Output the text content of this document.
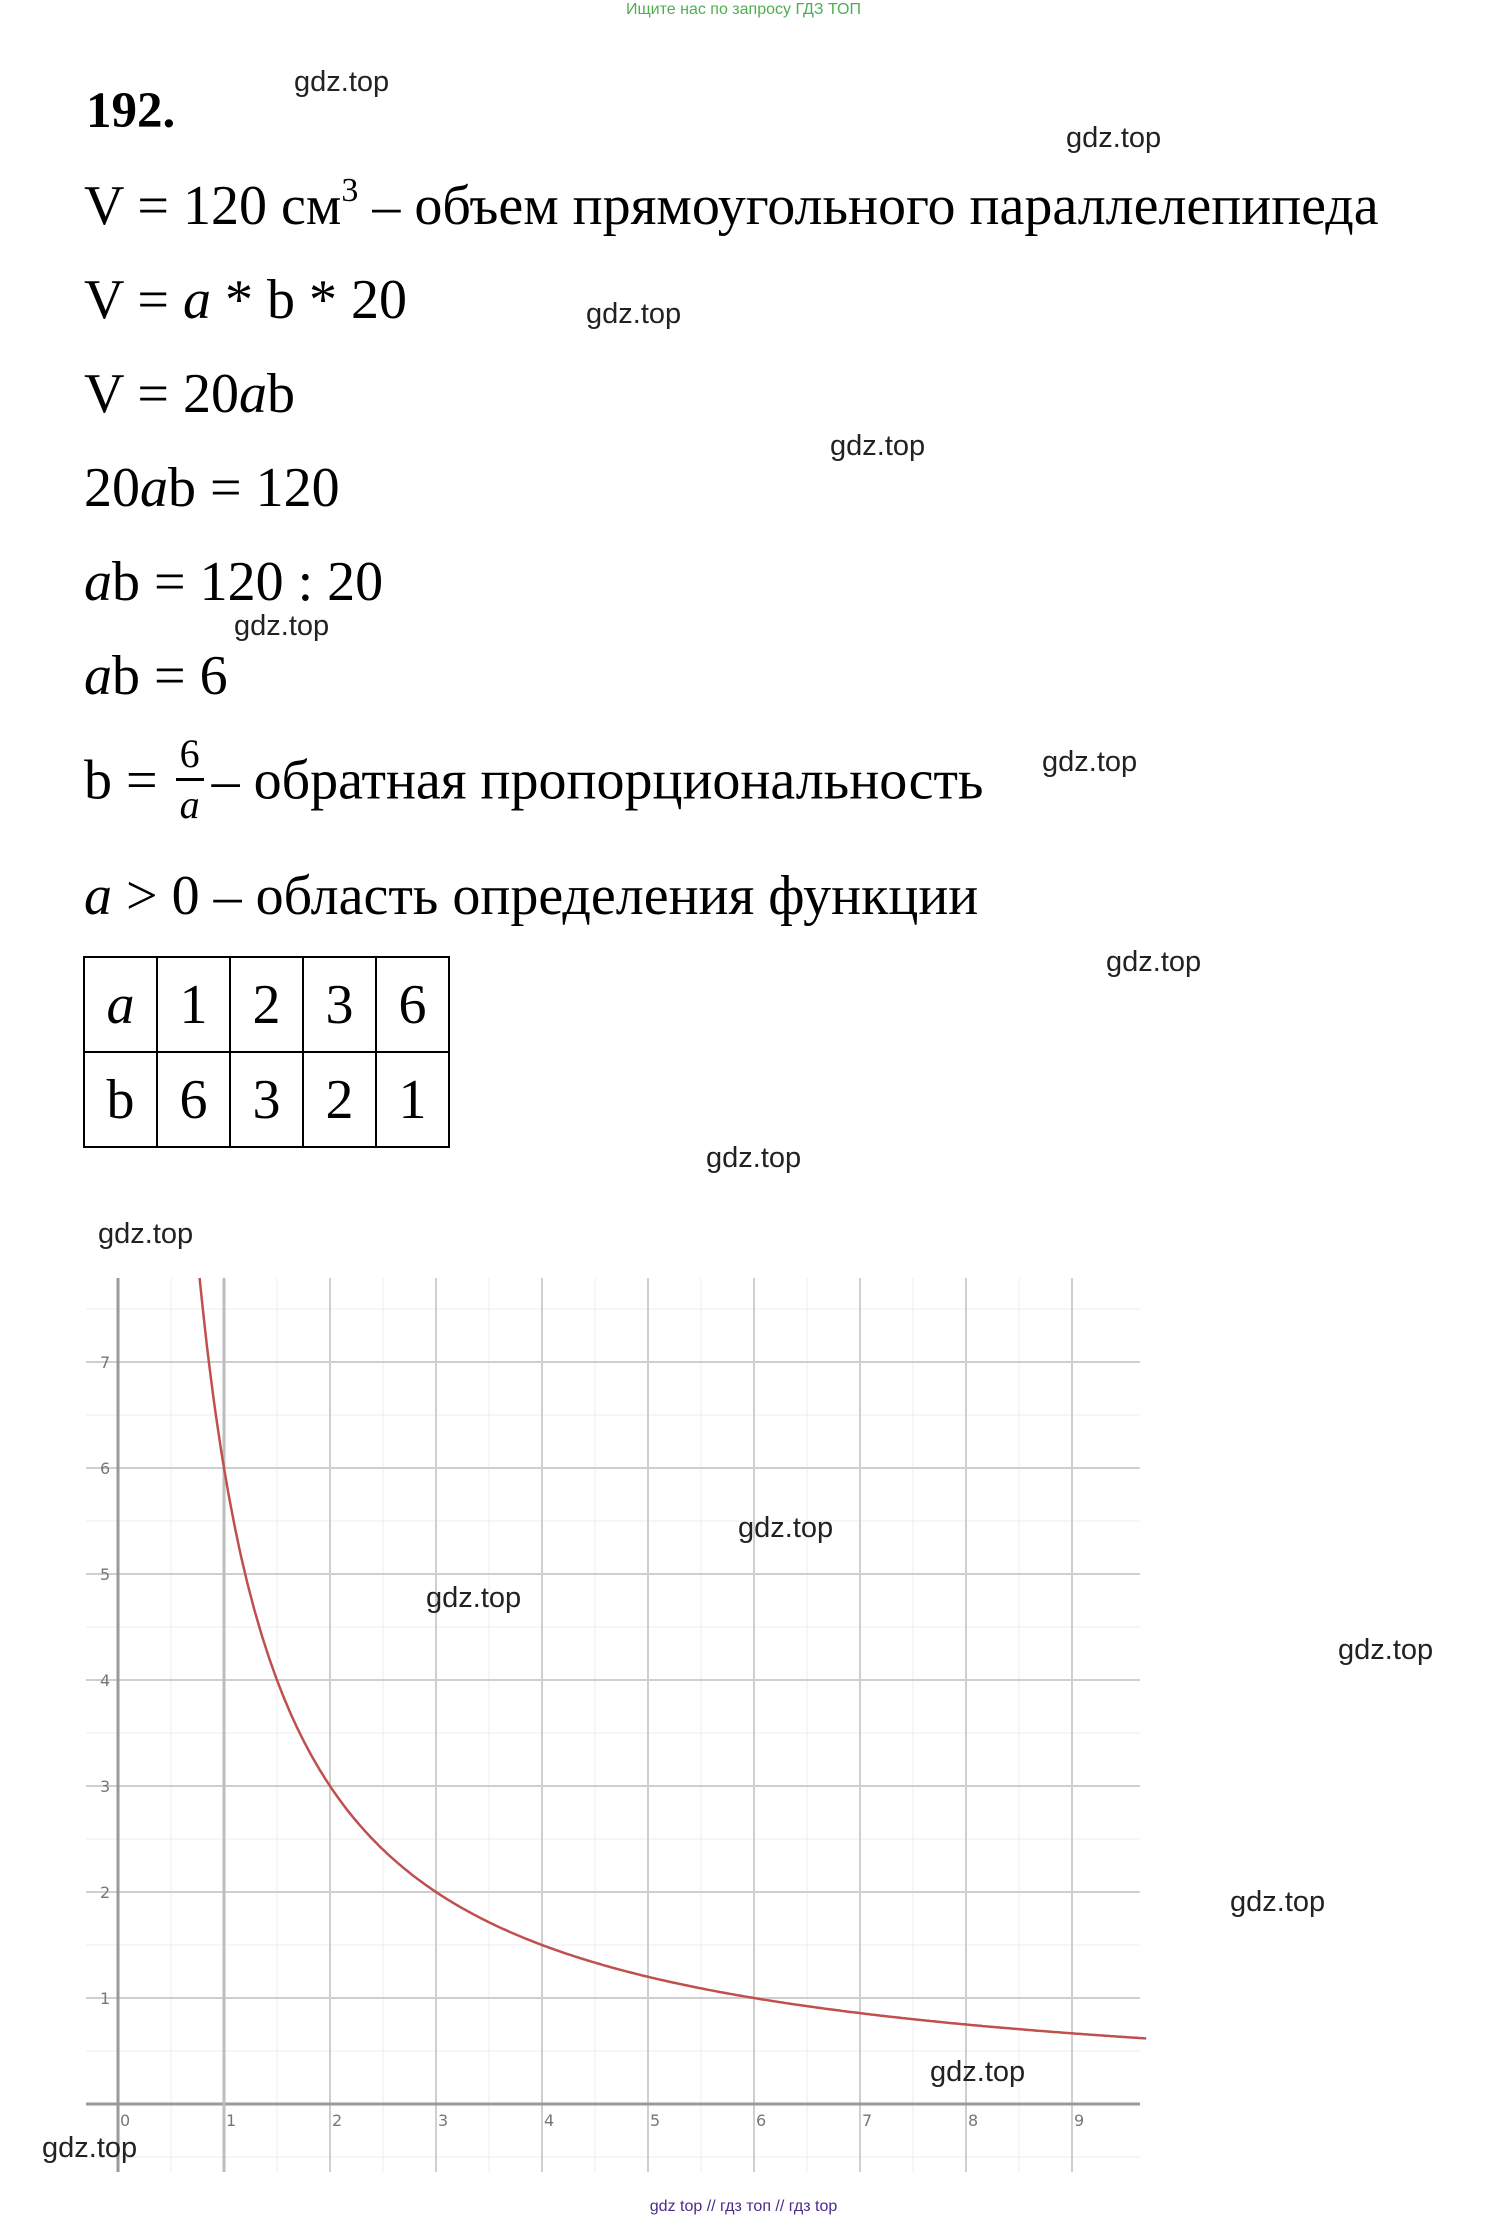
Ищите нас по запросу ГДЗ ТОП
192.
V = 120 $см^3$ – объем прямоугольного параллелепипеда
V = a * b * 20
V = 20ab
20ab = 120
ab = 120 : 20
ab = 6
$b = \frac{6}{a}$ – обратная пропорциональность
a > 0 – область определения функции
a	1	2	3	6
b	6	3	2	1
0	1	2	3	4	5	6	7	8	9
1
2
3
4
5
6
7
gdz.top
gdz.top
gdz.top
gdz.top
gdz.top
gdz.top
gdz.top
gdz.top
gdz.top
gdz.top
gdz.top
gdz.top
gdz.top
gdz.top
gdz.top
gdz top // гдз топ // гдз top
